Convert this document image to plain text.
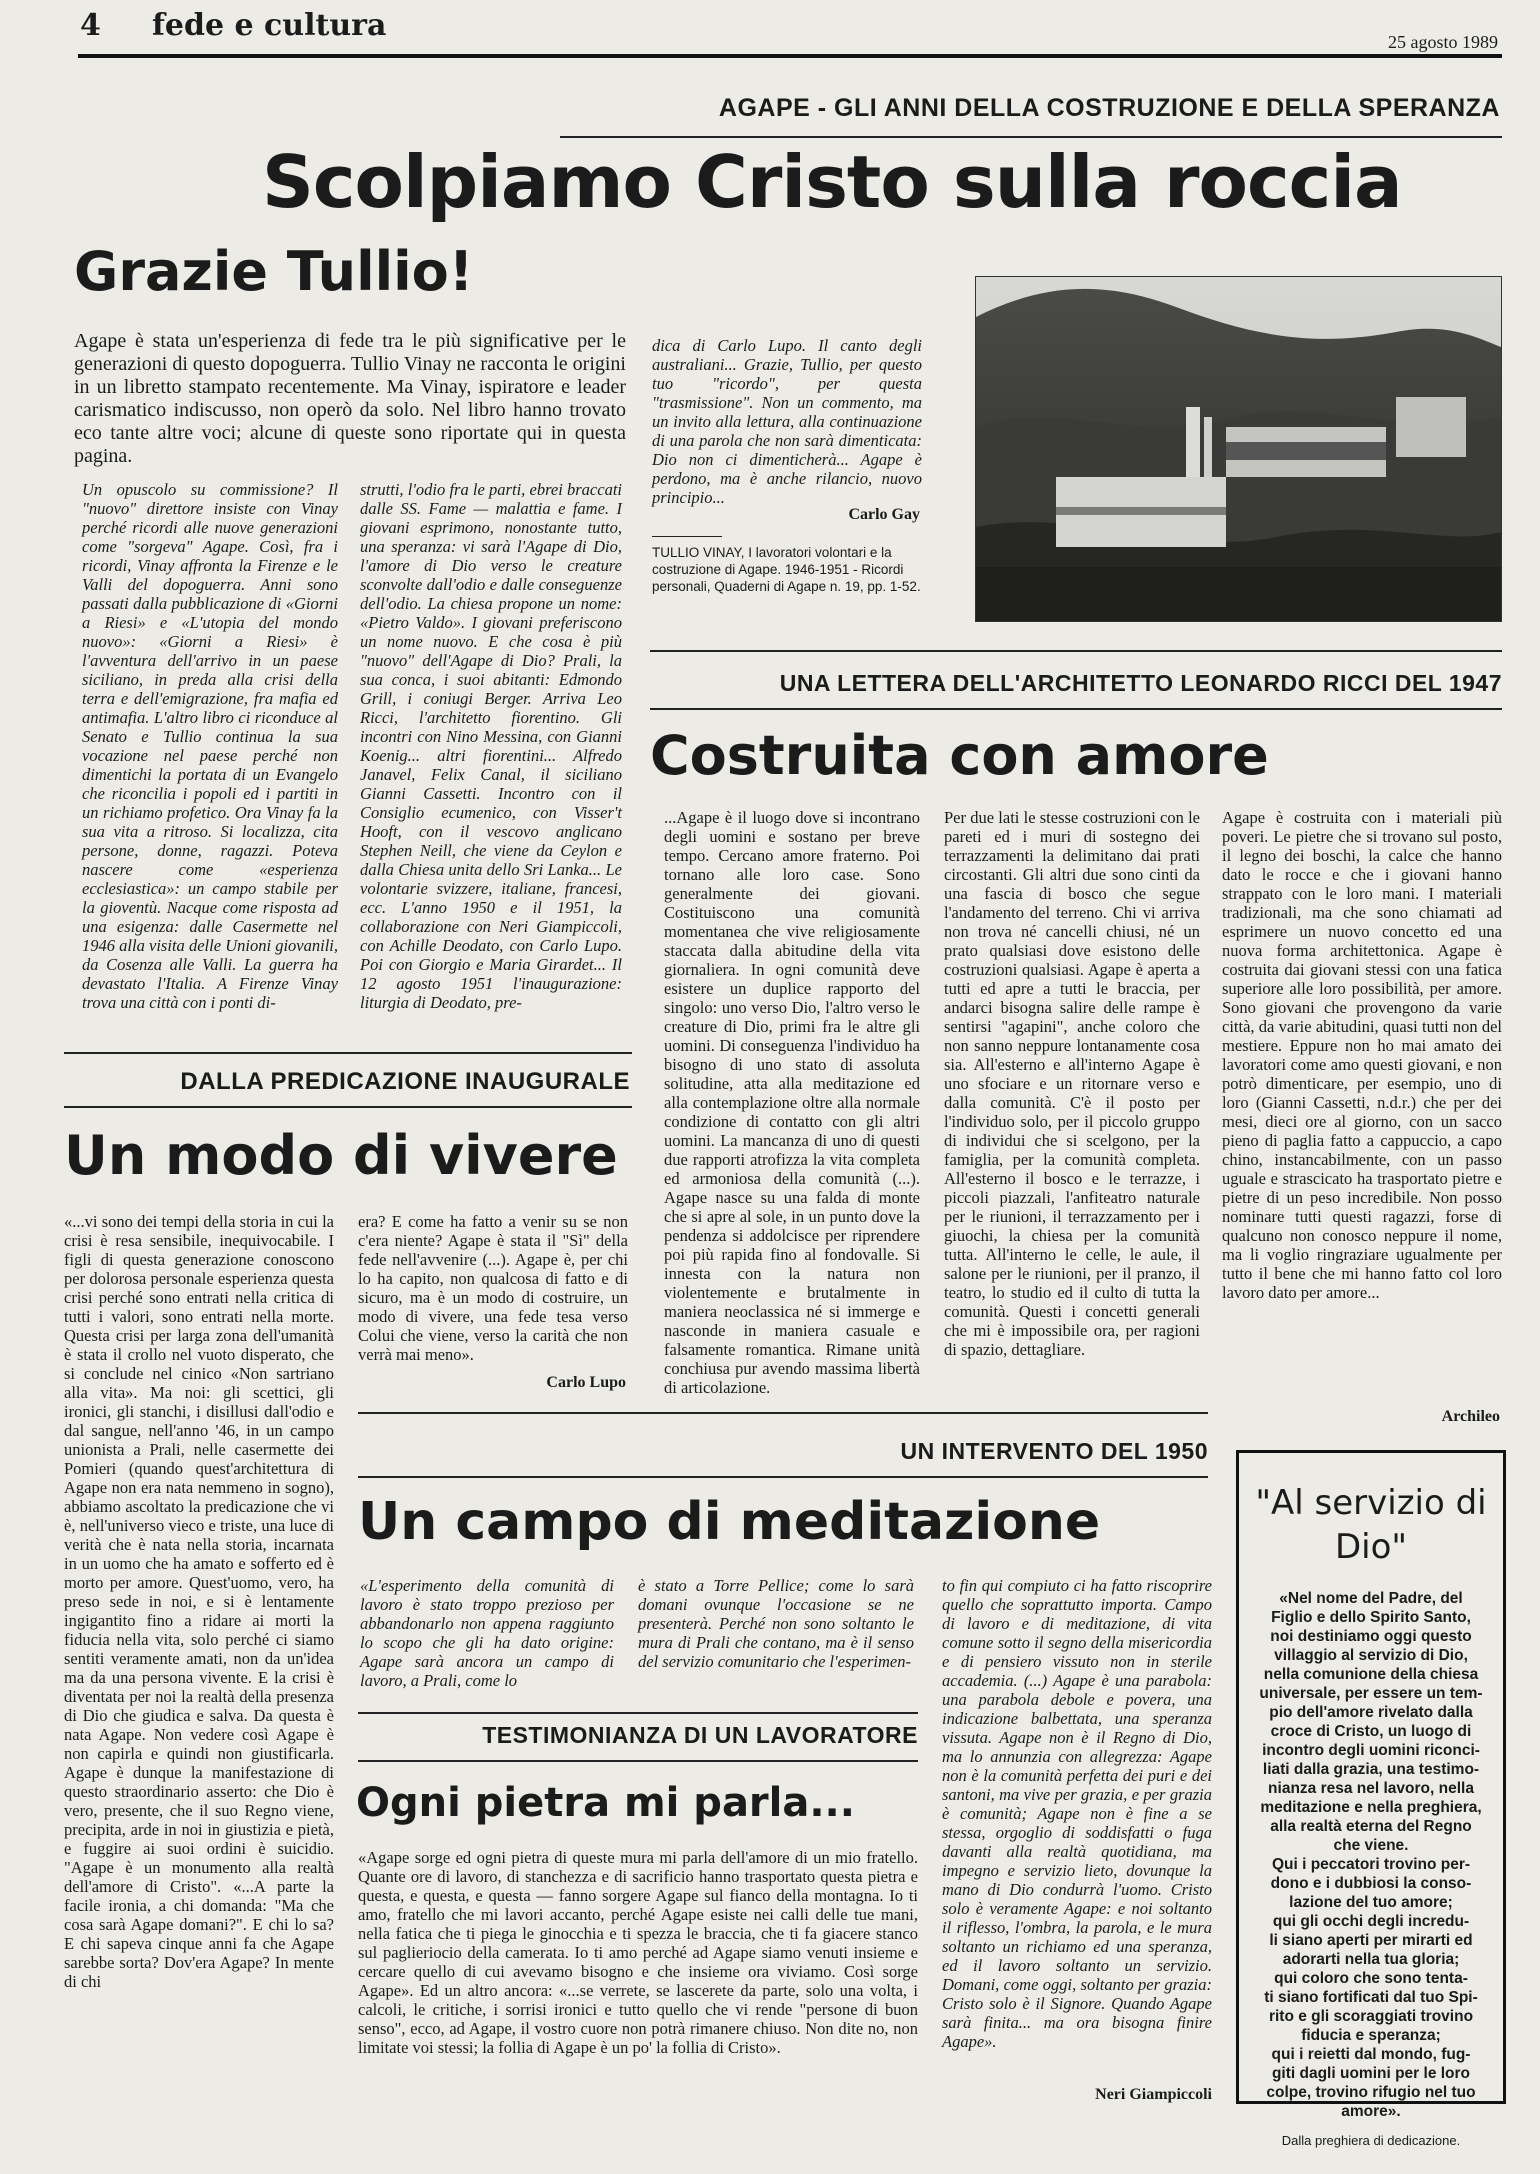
4 fede e cultura	25 agosto 1989
AGAPE - GLI ANNI DELLA COSTRUZIONE E DELLA SPERANZA
Scolpiamo Cristo sulla roccia
Grazie Tullio!
Agape è stata un'esperienza di fede tra le più significative per le generazioni di questo dopoguerra. Tullio Vinay ne racconta le origini in un libretto stampato recentemente. Ma Vinay, ispiratore e leader carismatico indiscusso, non operò da solo. Nel libro hanno trovato eco tante altre voci; alcune di queste sono riportate qui in questa pagina.
Un opuscolo su commissione? Il "nuovo" direttore insiste con Vinay perché ricordi alle nuove generazioni come "sorgeva" Agape. Così, fra i ricordi, Vinay affronta la Firenze e le Valli del dopoguerra. Anni sono passati dalla pubblicazione di «Giorni a Riesi» e «L'utopia del mondo nuovo»: «Giorni a Riesi» è l'avventura dell'arrivo in un paese siciliano, in preda alla crisi della terra e dell'emigrazione, fra mafia ed antimafia. L'altro libro ci riconduce al Senato e Tullio continua la sua vocazione nel paese perché non dimentichi la portata di un Evangelo che riconcilia i popoli ed i partiti in un richiamo profetico. Ora Vinay fa la sua vita a ritroso. Si localizza, cita persone, donne, ragazzi. Poteva nascere come «esperienza ecclesiastica»: un campo stabile per la gioventù. Nacque come risposta ad una esigenza: dalle Casermette nel 1946 alla visita delle Unioni giovanili, da Cosenza alle Valli. La guerra ha devastato l'Italia. A Firenze Vinay trova una città con i ponti di-
strutti, l'odio fra le parti, ebrei braccati dalle SS. Fame — malattia e fame. I giovani esprimono, nonostante tutto, una speranza: vi sarà l'Agape di Dio, l'amore di Dio verso le creature sconvolte dall'odio e dalle conseguenze dell'odio. La chiesa propone un nome: «Pietro Valdo». I giovani preferiscono un nome nuovo. E che cosa è più "nuovo" dell'Agape di Dio? Prali, la sua conca, i suoi abitanti: Edmondo Grill, i coniugi Berger. Arriva Leo Ricci, l'architetto fiorentino. Gli incontri con Nino Messina, con Gianni Koenig... altri fiorentini... Alfredo Janavel, Felix Canal, il siciliano Gianni Cassetti. Incontro con il Consiglio ecumenico, con Visser't Hooft, con il vescovo anglicano Stephen Neill, che viene da Ceylon e dalla Chiesa unita dello Sri Lanka... Le volontarie svizzere, italiane, francesi, ecc. L'anno 1950 e il 1951, la collaborazione con Neri Giampiccoli, con Achille Deodato, con Carlo Lupo. Poi con Giorgio e Maria Girardet... Il 12 agosto 1951 l'inaugurazione: liturgia di Deodato, pre-
dica di Carlo Lupo. Il canto degli australiani... Grazie, Tullio, per questo tuo "ricordo", per questa "trasmissione". Non un commento, ma un invito alla lettura, alla continuazione di una parola che non sarà dimenticata: Dio non ci dimenticherà... Agape è perdono, ma è anche rilancio, nuovo principio...
Carlo Gay
TULLIO VINAY, I lavoratori volontari e la costruzione di Agape. 1946-1951 - Ricordi personali, Quaderni di Agape n. 19, pp. 1-52.
UNA LETTERA DELL'ARCHITETTO LEONARDO RICCI DEL 1947
Costruita con amore
...Agape è il luogo dove si incontrano degli uomini e sostano per breve tempo. Cercano amore fraterno. Poi tornano alle loro case. Sono generalmente dei giovani. Costituiscono una comunità momentanea che vive religiosamente staccata dalla abitudine della vita giornaliera. In ogni comunità deve esistere un duplice rapporto del singolo: uno verso Dio, l'altro verso le creature di Dio, primi fra le altre gli uomini. Di conseguenza l'individuo ha bisogno di uno stato di assoluta solitudine, atta alla meditazione ed alla contemplazione oltre alla normale condizione di contatto con gli altri uomini. La mancanza di uno di questi due rapporti atrofizza la vita completa ed armoniosa della comunità (...). Agape nasce su una falda di monte che si apre al sole, in un punto dove la pendenza si addolcisce per riprendere poi più rapida fino al fondovalle. Si innesta con la natura non violentemente e brutalmente in maniera neoclassica né si immerge e nasconde in maniera casuale e falsamente romantica. Rimane unità conchiusa pur avendo massima libertà di articolazione.
Per due lati le stesse costruzioni con le pareti ed i muri di sostegno dei terrazzamenti la delimitano dai prati circostanti. Gli altri due sono cinti da una fascia di bosco che segue l'andamento del terreno. Chi vi arriva non trova né cancelli chiusi, né un prato qualsiasi dove esistono delle costruzioni qualsiasi. Agape è aperta a tutti ed apre a tutti le braccia, per andarci bisogna salire delle rampe è sentirsi "agapini", anche coloro che non sanno neppure lontanamente cosa sia. All'esterno e all'interno Agape è uno sfociare e un ritornare verso e dalla comunità. C'è il posto per l'individuo solo, per il piccolo gruppo di individui che si scelgono, per la famiglia, per la comunità completa. All'esterno il bosco e le terrazze, i piccoli piazzali, l'anfiteatro naturale per le riunioni, il terrazzamento per i giuochi, la chiesa per la comunità tutta. All'interno le celle, le aule, il salone per le riunioni, per il pranzo, il teatro, lo studio ed il culto di tutta la comunità. Questi i concetti generali che mi è impossibile ora, per ragioni di spazio, dettagliare.
Agape è costruita con i materiali più poveri. Le pietre che si trovano sul posto, il legno dei boschi, la calce che hanno dato le rocce e che i giovani hanno strappato con le loro mani. I materiali tradizionali, ma che sono chiamati ad esprimere un nuovo concetto ed una nuova forma architettonica. Agape è costruita dai giovani stessi con una fatica superiore alle loro possibilità, per amore. Sono giovani che provengono da varie città, da varie abitudini, quasi tutti non del mestiere. Eppure non ho mai amato dei lavoratori come amo questi giovani, e non potrò dimenticare, per esempio, uno di loro (Gianni Cassetti, n.d.r.) che per dei mesi, dieci ore al giorno, con un sacco pieno di paglia fatto a cappuccio, a capo chino, instancabilmente, con un passo uguale e strascicato ha trasportato pietre e pietre di un peso incredibile. Non posso nominare tutti questi ragazzi, forse di qualcuno non conosco neppure il nome, ma li voglio ringraziare ugualmente per tutto il bene che mi hanno fatto col loro lavoro dato per amore...
Archileo
DALLA PREDICAZIONE INAUGURALE
Un modo di vivere
«...vi sono dei tempi della storia in cui la crisi è resa sensibile, inequivocabile. I figli di questa generazione conoscono per dolorosa personale esperienza questa crisi perché sono entrati nella critica di tutti i valori, sono entrati nella morte. Questa crisi per larga zona dell'umanità è stata il crollo nel vuoto disperato, che si conclude nel cinico «Non sartriano alla vita». Ma noi: gli scettici, gli ironici, gli stanchi, i disillusi dall'odio e dal sangue, nell'anno '46, in un campo unionista a Prali, nelle casermette dei Pomieri (quando quest'architettura di Agape non era nata nemmeno in sogno), abbiamo ascoltato la predicazione che vi è, nell'universo vieco e triste, una luce di verità che è nata nella storia, incarnata in un uomo che ha amato e sofferto ed è morto per amore. Quest'uomo, vero, ha preso sede in noi, e si è lentamente ingigantito fino a ridare ai morti la fiducia nella vita, solo perché ci siamo sentiti veramente amati, non da un'idea ma da una persona vivente. E la crisi è diventata per noi la realtà della presenza di Dio che giudica e salva. Da questa è nata Agape. Non vedere così Agape è non capirla e quindi non giustificarla. Agape è dunque la manifestazione di questo straordinario asserto: che Dio è vero, presente, che il suo Regno viene, precipita, arde in noi in giustizia e pietà, e fuggire ai suoi ordini è suicidio. "Agape è un monumento alla realtà dell'amore di Cristo". «...A parte la facile ironia, a chi domanda: "Ma che cosa sarà Agape domani?". E chi lo sa? E chi sapeva cinque anni fa che Agape sarebbe sorta? Dov'era Agape? In mente di chi
era? E come ha fatto a venir su se non c'era niente? Agape è stata il "Sì" della fede nell'avvenire (...). Agape è, per chi lo ha capito, non qualcosa di fatto e di sicuro, ma è un modo di costruire, un modo di vivere, una fede tesa verso Colui che viene, verso la carità che non verrà mai meno».
Carlo Lupo
UN INTERVENTO DEL 1950
Un campo di meditazione
«L'esperimento della comunità di lavoro è stato troppo prezioso per abbandonarlo non appena raggiunto lo scopo che gli ha dato origine: Agape sarà ancora un campo di lavoro, a Prali, come lo
è stato a Torre Pellice; come lo sarà domani ovunque l'occasione se ne presenterà. Perché non sono soltanto le mura di Prali che contano, ma è il senso del servizio comunitario che l'esperimen-
to fin qui compiuto ci ha fatto riscoprire quello che soprattutto importa. Campo di lavoro e di meditazione, di vita comune sotto il segno della misericordia e di pensiero vissuto non in sterile accademia. (...) Agape è una parabola: una parabola debole e povera, una indicazione balbettata, una speranza vissuta. Agape non è il Regno di Dio, ma lo annunzia con allegrezza: Agape non è la comunità perfetta dei puri e dei santoni, ma vive per grazia, e per grazia è comunità; Agape non è fine a se stessa, orgoglio di soddisfatti o fuga davanti alla realtà quotidiana, ma impegno e servizio lieto, dovunque la mano di Dio condurrà l'uomo. Cristo solo è veramente Agape: e noi soltanto il riflesso, l'ombra, la parola, e le mura soltanto un richiamo ed una speranza, ed il lavoro soltanto un servizio. Domani, come oggi, soltanto per grazia: Cristo solo è il Signore. Quando Agape sarà finita... ma ora bisogna finire Agape».
Neri Giampiccoli
TESTIMONIANZA DI UN LAVORATORE
Ogni pietra mi parla...
«Agape sorge ed ogni pietra di queste mura mi parla dell'amore di un mio fratello. Quante ore di lavoro, di stanchezza e di sacrificio hanno trasportato questa pietra e questa, e questa, e questa — fanno sorgere Agape sul fianco della montagna. Io ti amo, fratello che mi lavori accanto, perché Agape esiste nei calli delle tue mani, nella fatica che ti piega le ginocchia e ti spezza le braccia, che ti fa giacere stanco sul paglieriocio della camerata. Io ti amo perché ad Agape siamo venuti insieme e cercare quello di cui avevamo bisogno e che insieme ora viviamo. Così sorge Agape». Ed un altro ancora: «...se verrete, se lascerete da parte, solo una volta, i calcoli, le critiche, i sorrisi ironici e tutto quello che vi rende "persone di buon senso", ecco, ad Agape, il vostro cuore non potrà rimanere chiuso. Non dite no, non limitate voi stessi; la follia di Agape è un po' la follia di Cristo».
"Al servizio di Dio"
«Nel nome del Padre, del
Figlio e dello Spirito Santo,
noi destiniamo oggi questo
villaggio al servizio di Dio,
nella comunione della chiesa
universale, per essere un tem-
pio dell'amore rivelato dalla
croce di Cristo, un luogo di
incontro degli uomini riconci-
liati dalla grazia, una testimo-
nianza resa nel lavoro, nella
meditazione e nella preghiera,
alla realtà eterna del Regno
che viene.
Qui i peccatori trovino per-
dono e i dubbiosi la conso-
lazione del tuo amore;
qui gli occhi degli incredu-
li siano aperti per mirarti ed
adorarti nella tua gloria;
qui coloro che sono tenta-
ti siano fortificati dal tuo Spi-
rito e gli scoraggiati trovino
fiducia e speranza;
qui i reietti dal mondo, fug-
giti dagli uomini per le loro
colpe, trovino rifugio nel tuo
amore».
Dalla preghiera di dedicazione.
